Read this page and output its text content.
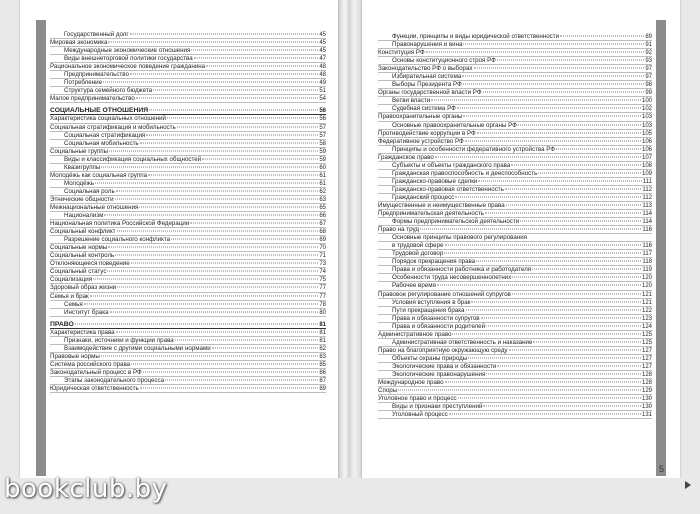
Государственный долг	45
Мировая экономика	45
Международные экономические отношения	45
Виды внешнеторговой политики государства	47
Рациональное экономическое поведение гражданина	48
Предпринимательство	48
Потребление	49
Структура семейного бюджета	51
Малое предпринимательство	54
СОЦИАЛЬНЫЕ ОТНОШЕНИЯ	56
Характеристика социальных отношений	56
Социальная стратификация и мобильность	57
Социальная стратификация	57
Социальная мобильность	58
Социальные группы	59
Виды и классификация социальных общностей	59
Квазигруппы	60
Молодёжь как социальная группа	61
Молодёжь	61
Социальная роль	62
Этнические общности	63
Межнациональные отношения	65
Национализм	66
Национальная политика Российской Федерации	67
Социальный конфликт	68
Разрешение социального конфликта	69
Социальные нормы	70
Социальный контроль	71
Отклоняющееся поведение	73
Социальный статус	74
Социализация	75
Здоровый образ жизни	77
Семья и брак	77
Семья	78
Институт брака	80
ПРАВО	81
Характеристика права	81
Признаки, источники и функции права	81
Взаимодействие с другими социальными нормами	82
Правовые нормы	83
Система российского права	85
Законодательный процесс в РФ	86
Этапы законодательного процесса	87
Юридическая ответственность	89
Функции, принципы и виды юридической ответственности	89
Правонарушения и вина	91
Конституция РФ	92
Основы конституционного строя РФ	93
Законодательство РФ о выборах	97
Избирательная система	97
Выборы Президента РФ	98
Органы государственной власти РФ	99
Ветви власти	100
Судебная система РФ	102
Правоохранительные органы	103
Основные правоохранительные органы РФ	103
Противодействие коррупции в РФ	105
Федеративное устройство РФ	106
Принципы и особенности федеративного устройства РФ	106
Гражданское право	107
Субъекты и объекты гражданского права	108
Гражданская правоспособность и дееспособность	109
Гражданско-правовые сделки	111
Гражданско-правовая ответственность	112
Гражданский процесс	112
Имущественные и неимущественные права	113
Предпринимательская деятельность	114
Формы предпринимательской деятельности	114
Право на труд	116
Основные принципы правового регулирования
в трудовой сфере	116
Трудовой договор	117
Порядок прекращения права	118
Права и обязанности работника и работодателя	119
Особенности труда несовершеннолетних	120
Рабочее время	120
Правовое регулирование отношений супругов	121
Условия вступления в брак	121
Пути прекращения брака	122
Права и обязанности супругов	123
Права и обязанности родителей	124
Административное право	125
Административная ответственность и наказание	125
Право на благоприятную окружающую среду	127
Объекты охраны природы	127
Экологические права и обязанности	127
Экологические правонарушения	128
Международное право	128
Споры	129
Уголовное право и процесс	130
Виды и признаки преступлений	130
Уголовный процесс	131
5
bookclub.by
